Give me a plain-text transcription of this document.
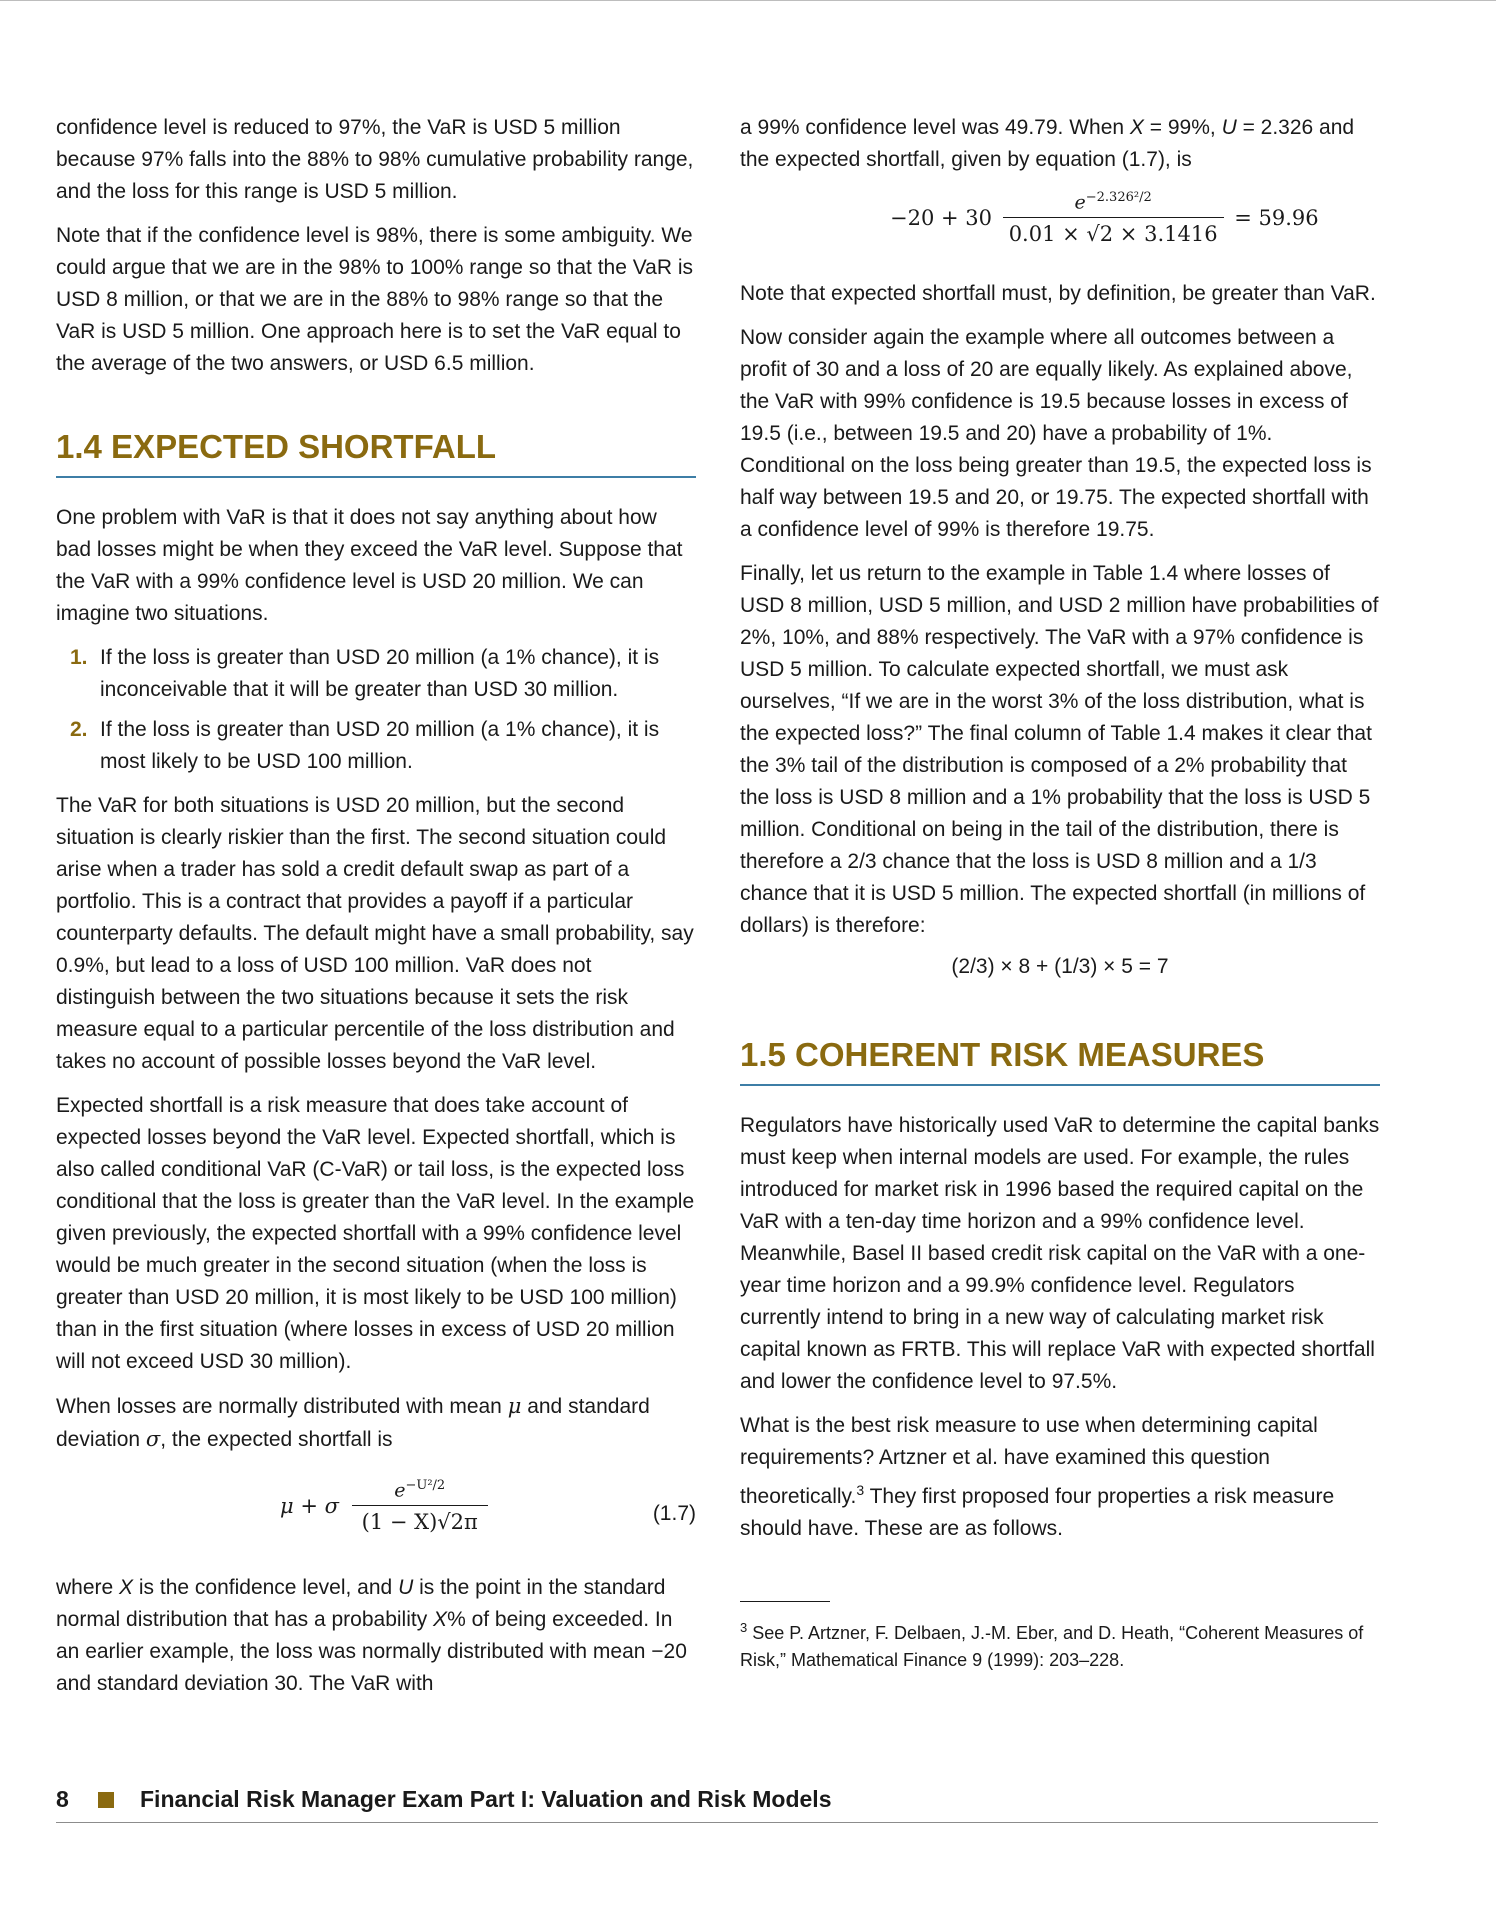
confidence level is reduced to 97%, the VaR is USD 5 million because 97% falls into the 88% to 98% cumulative probability range, and the loss for this range is USD 5 million.

Note that if the confidence level is 98%, there is some ambiguity. We could argue that we are in the 98% to 100% range so that the VaR is USD 8 million, or that we are in the 88% to 98% range so that the VaR is USD 5 million. One approach here is to set the VaR equal to the average of the two answers, or USD 6.5 million.

1.4 EXPECTED SHORTFALL

One problem with VaR is that it does not say anything about how bad losses might be when they exceed the VaR level. Suppose that the VaR with a 99% confidence level is USD 20 million. We can imagine two situations.

1. If the loss is greater than USD 20 million (a 1% chance), it is inconceivable that it will be greater than USD 30 million.
2. If the loss is greater than USD 20 million (a 1% chance), it is most likely to be USD 100 million.

The VaR for both situations is USD 20 million, but the second situation is clearly riskier than the first. The second situation could arise when a trader has sold a credit default swap as part of a portfolio. This is a contract that provides a payoff if a particular counterparty defaults. The default might have a small probability, say 0.9%, but lead to a loss of USD 100 million. VaR does not distinguish between the two situations because it sets the risk measure equal to a particular percentile of the loss distribution and takes no account of possible losses beyond the VaR level.

Expected shortfall is a risk measure that does take account of expected losses beyond the VaR level. Expected shortfall, which is also called conditional VaR (C-VaR) or tail loss, is the expected loss conditional that the loss is greater than the VaR level. In the example given previously, the expected shortfall with a 99% confidence level would be much greater in the second situation (when the loss is greater than USD 20 million, it is most likely to be USD 100 million) than in the first situation (where losses in excess of USD 20 million will not exceed USD 30 million).

When losses are normally distributed with mean μ and standard deviation σ, the expected shortfall is

μ + σ $\frac{e^{-U^2/2}}{(1 - X)√2\pi}$	(1.7)

where X is the confidence level, and U is the point in the standard normal distribution that has a probability X% of being exceeded. In an earlier example, the loss was normally distributed with mean −20 and standard deviation 30. The VaR with

a 99% confidence level was 49.79. When X = 99%, U = 2.326 and the expected shortfall, given by equation (1.7), is

$-20 + 30 \frac{e^{-2.326^2/2}}{0.01 \times √2 \times 3.1416} = 59.96$

Note that expected shortfall must, by definition, be greater than VaR.

Now consider again the example where all outcomes between a profit of 30 and a loss of 20 are equally likely. As explained above, the VaR with 99% confidence is 19.5 because losses in excess of 19.5 (i.e., between 19.5 and 20) have a probability of 1%. Conditional on the loss being greater than 19.5, the expected loss is half way between 19.5 and 20, or 19.75. The expected shortfall with a confidence level of 99% is therefore 19.75.

Finally, let us return to the example in Table 1.4 where losses of USD 8 million, USD 5 million, and USD 2 million have probabilities of 2%, 10%, and 88% respectively. The VaR with a 97% confidence is USD 5 million. To calculate expected shortfall, we must ask ourselves, “If we are in the worst 3% of the loss distribution, what is the expected loss?” The final column of Table 1.4 makes it clear that the 3% tail of the distribution is composed of a 2% probability that the loss is USD 8 million and a 1% probability that the loss is USD 5 million. Conditional on being in the tail of the distribution, there is therefore a 2/3 chance that the loss is USD 8 million and a 1/3 chance that it is USD 5 million. The expected shortfall (in millions of dollars) is therefore:

(2/3) × 8 + (1/3) × 5 = 7
1.5 COHERENT RISK MEASURES

Regulators have historically used VaR to determine the capital banks must keep when internal models are used. For example, the rules introduced for market risk in 1996 based the required capital on the VaR with a ten-day time horizon and a 99% confidence level. Meanwhile, Basel II based credit risk capital on the VaR with a one-year time horizon and a 99.9% confidence level. Regulators currently intend to bring in a new way of calculating market risk capital known as FRTB. This will replace VaR with expected shortfall and lower the confidence level to 97.5%.

What is the best risk measure to use when determining capital requirements? Artzner et al. have examined this question theoretically.$^3$ They first proposed four properties a risk measure should have. These are as follows.

$^3$ See P. Artzner, F. Delbaen, J.-M. Eber, and D. Heath, “Coherent Measures of Risk,” Mathematical Finance 9 (1999): 203–228.

8	Financial Risk Manager Exam Part I: Valuation and Risk Models
